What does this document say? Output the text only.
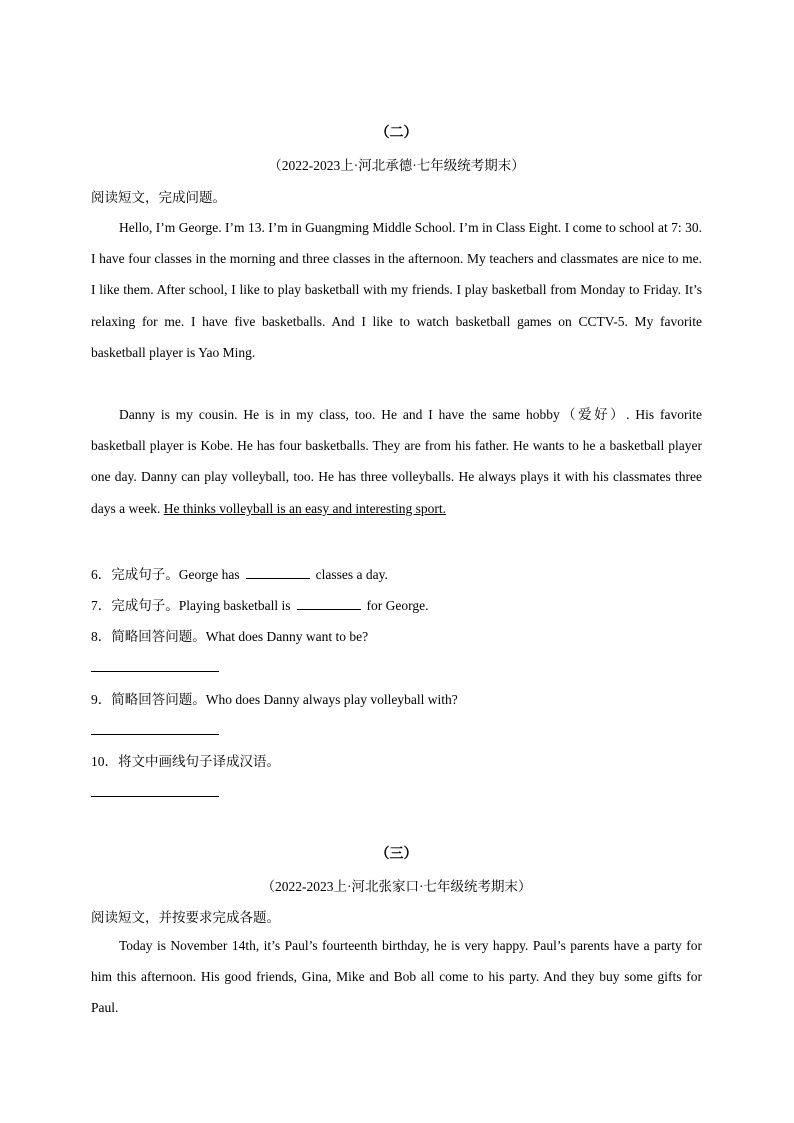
（二）
（2022-2023上·河北承德·七年级统考期末）
阅读短文，完成问题。
Hello, I’m George. I’m 13. I’m in Guangming Middle School. I’m in Class Eight. I come to school at 7: 30. I have four classes in the morning and three classes in the afternoon. My teachers and classmates are nice to me. I like them. After school, I like to play basketball with my friends. I play basketball from Monday to Friday. It’s relaxing for me. I have five basketballs. And I like to watch basketball games on CCTV-5. My favorite basketball player is Yao Ming.
Danny is my cousin. He is in my class, too. He and I have the same hobby（爱好）. His favorite basketball player is Kobe. He has four basketballs. They are from his father. He wants to he a basketball player one day. Danny can play volleyball, too. He has three volleyballs. He always plays it with his classmates three days a week. He thinks volleyball is an easy and interesting sport.
6．完成句子。George has	classes a day.
7．完成句子。Playing basketball is	for George.
8．简略回答问题。What does Danny want to be?
9．简略回答问题。Who does Danny always play volleyball with?
10．将文中画线句子译成汉语。
（三）
（2022-2023上·河北张家口·七年级统考期末）
阅读短文，并按要求完成各题。
Today is November 14th, it’s Paul’s fourteenth birthday, he is very happy. Paul’s parents have a party for him this afternoon. His good friends, Gina, Mike and Bob all come to his party. And they buy some gifts for Paul.
